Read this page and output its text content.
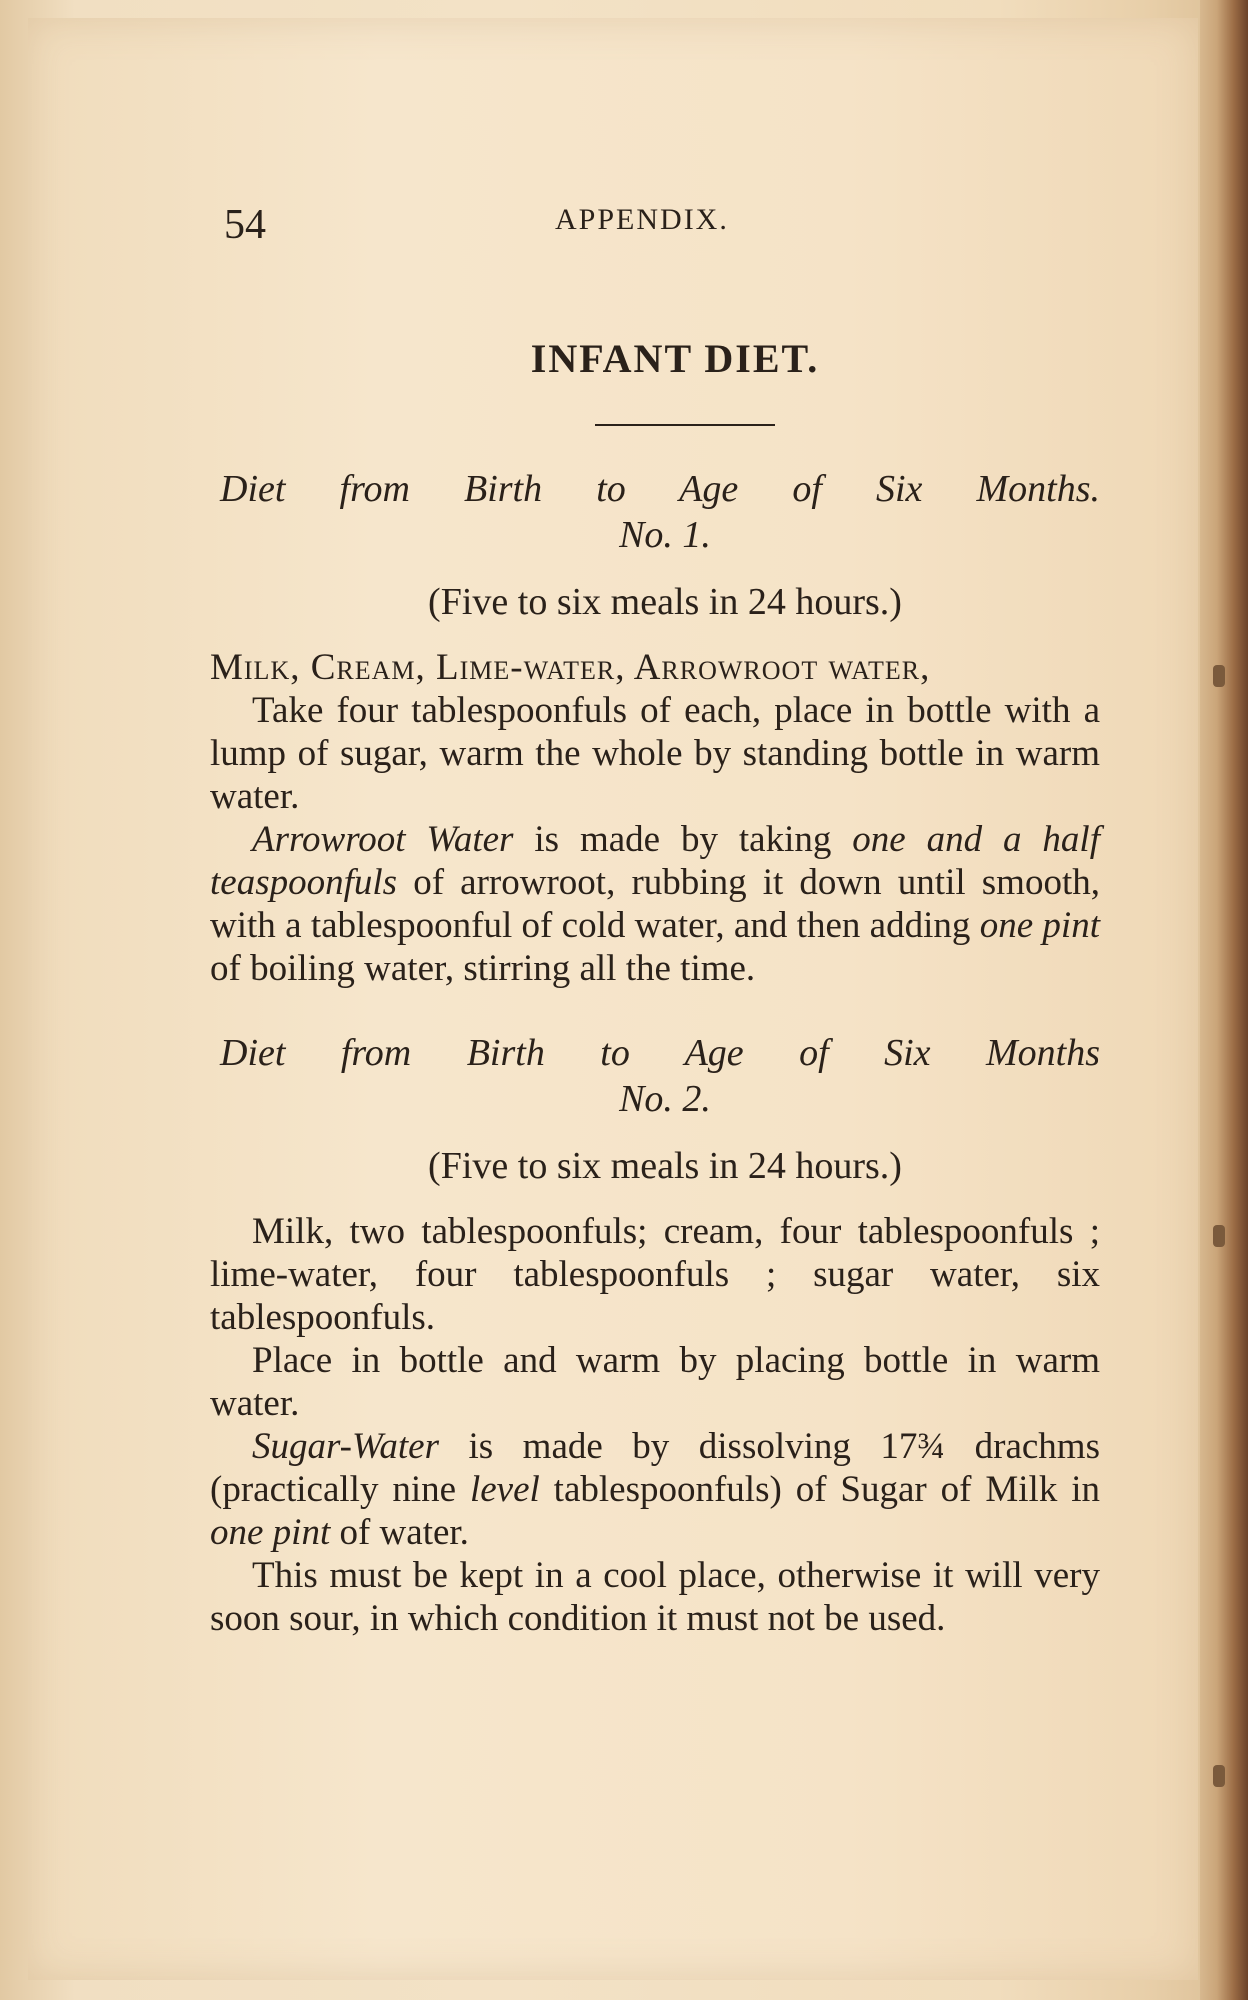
54	APPENDIX.
INFANT DIET.

Diet from Birth to Age of Six Months.

No. 1.

(Five to six meals in 24 hours.)

Milk, Cream, Lime-water, Arrowroot water,

Take four tablespoonfuls of each, place in bottle with a lump of sugar, warm the whole by standing bottle in warm water.

Arrowroot Water is made by taking one and a half teaspoonfuls of arrowroot, rubbing it down until smooth, with a tablespoonful of cold water, and then adding one pint of boiling water, stirring all the time.

Diet from Birth to Age of Six Months

No. 2.

(Five to six meals in 24 hours.)

Milk, two tablespoonfuls; cream, four tablespoonfuls ; lime-water, four tablespoonfuls ; sugar water, six tablespoonfuls.

Place in bottle and warm by placing bottle in warm water.

Sugar-Water is made by dissolving 17¾ drachms (practically nine level tablespoonfuls) of Sugar of Milk in one pint of water.

This must be kept in a cool place, otherwise it will very soon sour, in which condition it must not be used.
